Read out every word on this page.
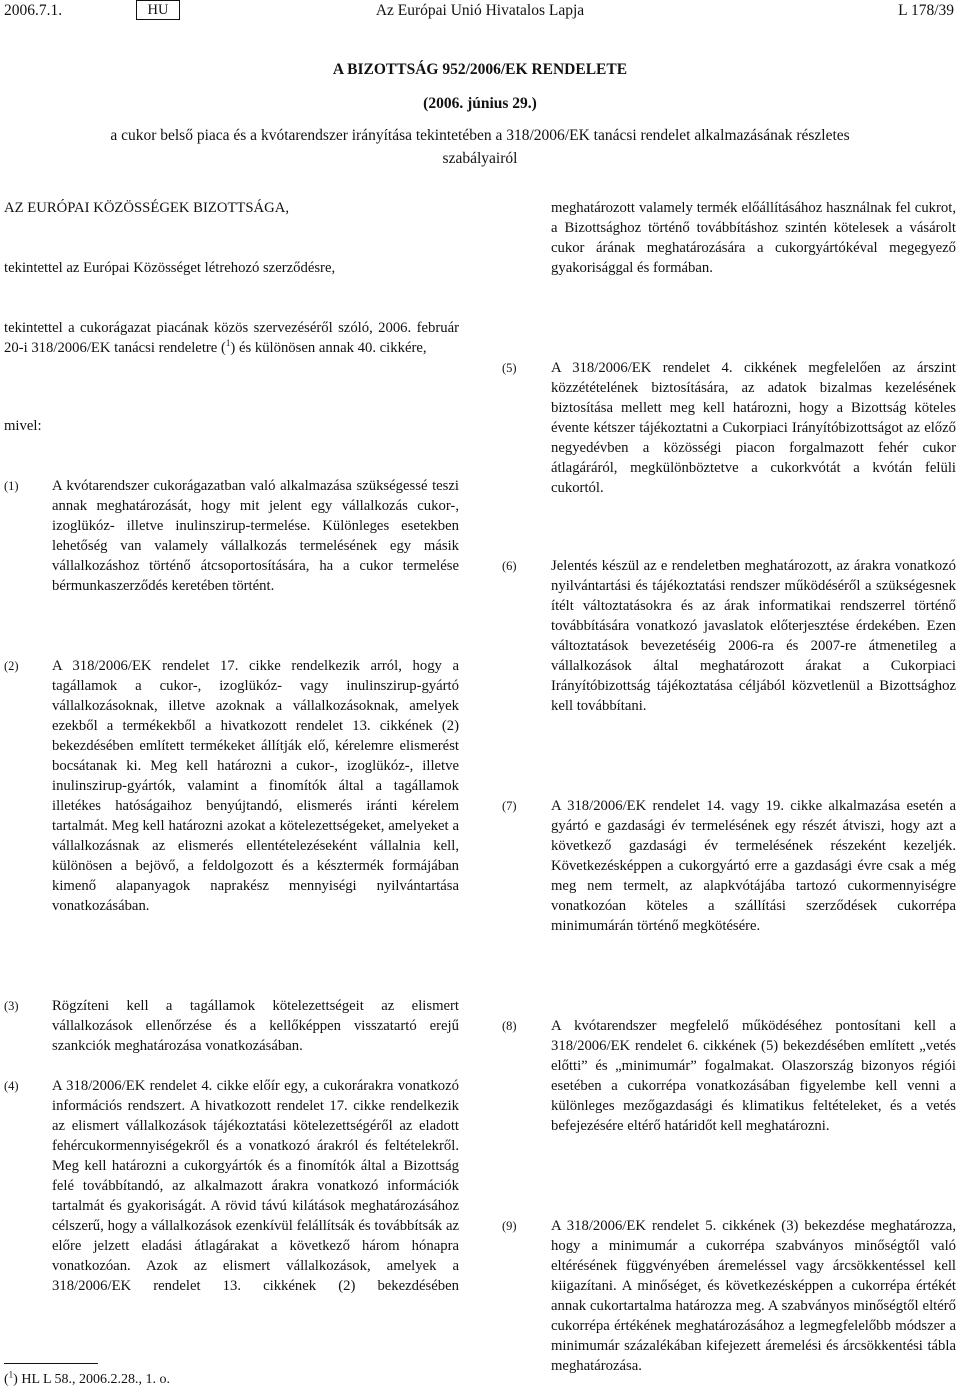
2006.7.1.	HU	Az Európai Unió Hivatalos Lapja	L 178/39
A BIZOTTSÁG 952/2006/EK RENDELETE
(2006. június 29.)
a cukor belső piaca és a kvótarendszer irányítása tekintetében a 318/2006/EK tanácsi rendelet alkalmazásának részletes szabályairól

AZ EURÓPAI KÖZÖSSÉGEK BIZOTTSÁGA,

tekintettel az Európai Közösséget létrehozó szerződésre,

tekintettel a cukorágazat piacának közös szervezéséről szóló, 2006. február 20-i 318/2006/EK tanácsi rendeletre ($^1$) és különösen annak 40. cikkére,

mivel:

(1) A kvótarendszer cukorágazatban való alkalmazása szükségessé teszi annak meghatározását, hogy mit jelent egy vállalkozás cukor-, izoglükóz- illetve inulinszirup-termelése. Különleges esetekben lehetőség van valamely vállalkozás termelésének egy másik vállalkozáshoz történő átcsoportosítására, ha a cukor termelése bérmunkaszerződés keretében történt.

(2) A 318/2006/EK rendelet 17. cikke rendelkezik arról, hogy a tagállamok a cukor-, izoglükóz- vagy inulinszirup-gyártó vállalkozásoknak, illetve azoknak a vállalkozásoknak, amelyek ezekből a termékekből a hivatkozott rendelet 13. cikkének (2) bekezdésében említett termékeket állítják elő, kérelemre elismerést bocsátanak ki. Meg kell határozni a cukor-, izoglükóz-, illetve inulinszirup-gyártók, valamint a finomítók által a tagállamok illetékes hatóságaihoz benyújtandó, elismerés iránti kérelem tartalmát. Meg kell határozni azokat a kötelezettségeket, amelyeket a vállalkozásnak az elismerés ellentételezéseként vállalnia kell, különösen a bejövő, a feldolgozott és a késztermék formájában kimenő alapanyagok naprakész mennyiségi nyilvántartása vonatkozásában.

(3) Rögzíteni kell a tagállamok kötelezettségeit az elismert vállalkozások ellenőrzése és a kellőképpen visszatartó erejű szankciók meghatározása vonatkozásában.

(4) A 318/2006/EK rendelet 4. cikke előír egy, a cukorárakra vonatkozó információs rendszert. A hivatkozott rendelet 17. cikke rendelkezik az elismert vállalkozások tájékoztatási kötelezettségéről az eladott fehércukormennyiségekről és a vonatkozó árakról és feltételekről. Meg kell határozni a cukorgyártók és a finomítók által a Bizottság felé továbbítandó, az alkalmazott árakra vonatkozó információk tartalmát és gyakoriságát. A rövid távú kilátások meghatározásához célszerű, hogy a vállalkozások ezenkívül felállítsák és továbbítsák az előre jelzett eladási átlagárakat a következő három hónapra vonatkozóan. Azok az elismert vállalkozások, amelyek a 318/2006/EK rendelet 13. cikkének (2) bekezdésében

meghatározott valamely termék előállításához használnak fel cukrot, a Bizottsághoz történő továbbításhoz szintén kötelesek a vásárolt cukor árának meghatározására a cukorgyártókéval megegyező gyakorisággal és formában.

(5) A 318/2006/EK rendelet 4. cikkének megfelelően az árszint közzétételének biztosítására, az adatok bizalmas kezelésének biztosítása mellett meg kell határozni, hogy a Bizottság köteles évente kétszer tájékoztatni a Cukorpiaci Irányítóbizottságot az előző negyedévben a közösségi piacon forgalmazott fehér cukor átlagáráról, megkülönböztetve a cukorkvótát a kvótán felüli cukortól.

(6) Jelentés készül az e rendeletben meghatározott, az árakra vonatkozó nyilvántartási és tájékoztatási rendszer működéséről a szükségesnek ítélt változtatásokra és az árak informatikai rendszerrel történő továbbítására vonatkozó javaslatok előterjesztése érdekében. Ezen változtatások bevezetéséig 2006-ra és 2007-re átmenetileg a vállalkozások által meghatározott árakat a Cukorpiaci Irányítóbizottság tájékoztatása céljából közvetlenül a Bizottsághoz kell továbbítani.

(7) A 318/2006/EK rendelet 14. vagy 19. cikke alkalmazása esetén a gyártó e gazdasági év termelésének egy részét átviszi, hogy azt a következő gazdasági év termelésének részeként kezeljék. Következésképpen a cukorgyártó erre a gazdasági évre csak a még meg nem termelt, az alapkvótájába tartozó cukormennyiségre vonatkozóan köteles a szállítási szerződések cukorrépa minimumárán történő megkötésére.

(8) A kvótarendszer megfelelő működéséhez pontosítani kell a 318/2006/EK rendelet 6. cikkének (5) bekezdésében említett „vetés előtti” és „minimumár” fogalmakat. Olaszország bizonyos régiói esetében a cukorrépa vonatkozásában figyelembe kell venni a különleges mezőgazdasági és klimatikus feltételeket, és a vetés befejezésére eltérő határidőt kell meghatározni.

(9) A 318/2006/EK rendelet 5. cikkének (3) bekezdése meghatározza, hogy a minimumár a cukorrépa szabványos minőségtől való eltérésének függvényében áremeléssel vagy árcsökkentéssel kell kiigazítani. A minőséget, és következésképpen a cukorrépa értékét annak cukortartalma határozza meg. A szabványos minőségtől eltérő cukorrépa értékének meghatározásához a legmegfelelőbb módszer a minimumár százalékában kifejezett áremelési és árcsökkentési tábla meghatározása.

($^1$) HL L 58., 2006.2.28., 1. o.
